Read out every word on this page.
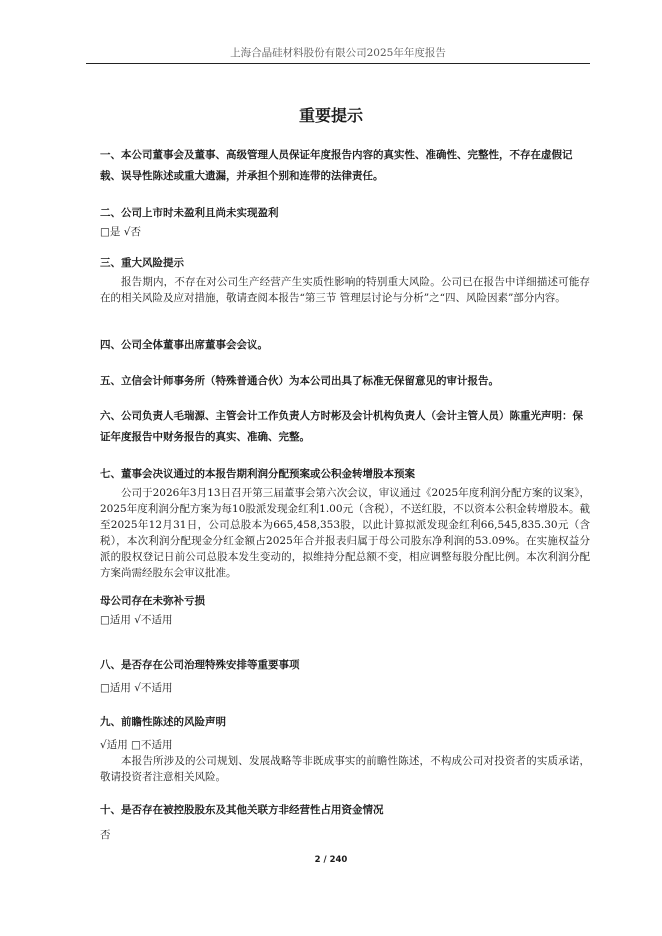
上海合晶硅材料股份有限公司2025年年度报告
重要提示

一、本公司董事会及董事、高级管理人员保证年度报告内容的真实性、准确性、完整性，不存在虚假记载、误导性陈述或重大遗漏，并承担个别和连带的法律责任。

二、公司上市时未盈利且尚未实现盈利

□是 √否

三、重大风险提示

报告期内，不存在对公司生产经营产生实质性影响的特别重大风险。公司已在报告中详细描述可能存在的相关风险及应对措施，敬请查阅本报告“第三节 管理层讨论与分析”之“四、风险因素”部分内容。

四、公司全体董事出席董事会会议。

五、立信会计师事务所（特殊普通合伙）为本公司出具了标准无保留意见的审计报告。

六、公司负责人毛瑞源、主管会计工作负责人方时彬及会计机构负责人（会计主管人员）陈重光声明：保证年度报告中财务报告的真实、准确、完整。

七、董事会决议通过的本报告期利润分配预案或公积金转增股本预案

公司于2026年3月13日召开第三届董事会第六次会议，审议通过《2025年度利润分配方案的议案》，2025年度利润分配方案为每10股派发现金红利1.00元（含税），不送红股，不以资本公积金转增股本。截至2025年12月31日，公司总股本为665,458,353股，以此计算拟派发现金红利66,545,835.30元（含税），本次利润分配现金分红金额占2025年合并报表归属于母公司股东净利润的53.09%。在实施权益分派的股权登记日前公司总股本发生变动的，拟维持分配总额不变，相应调整每股分配比例。本次利润分配方案尚需经股东会审议批准。

母公司存在未弥补亏损

□适用 √不适用

八、是否存在公司治理特殊安排等重要事项

□适用 √不适用

九、前瞻性陈述的风险声明

√适用 □不适用

本报告所涉及的公司规划、发展战略等非既成事实的前瞻性陈述，不构成公司对投资者的实质承诺，敬请投资者注意相关风险。

十、是否存在被控股股东及其他关联方非经营性占用资金情况

否

2 / 240
